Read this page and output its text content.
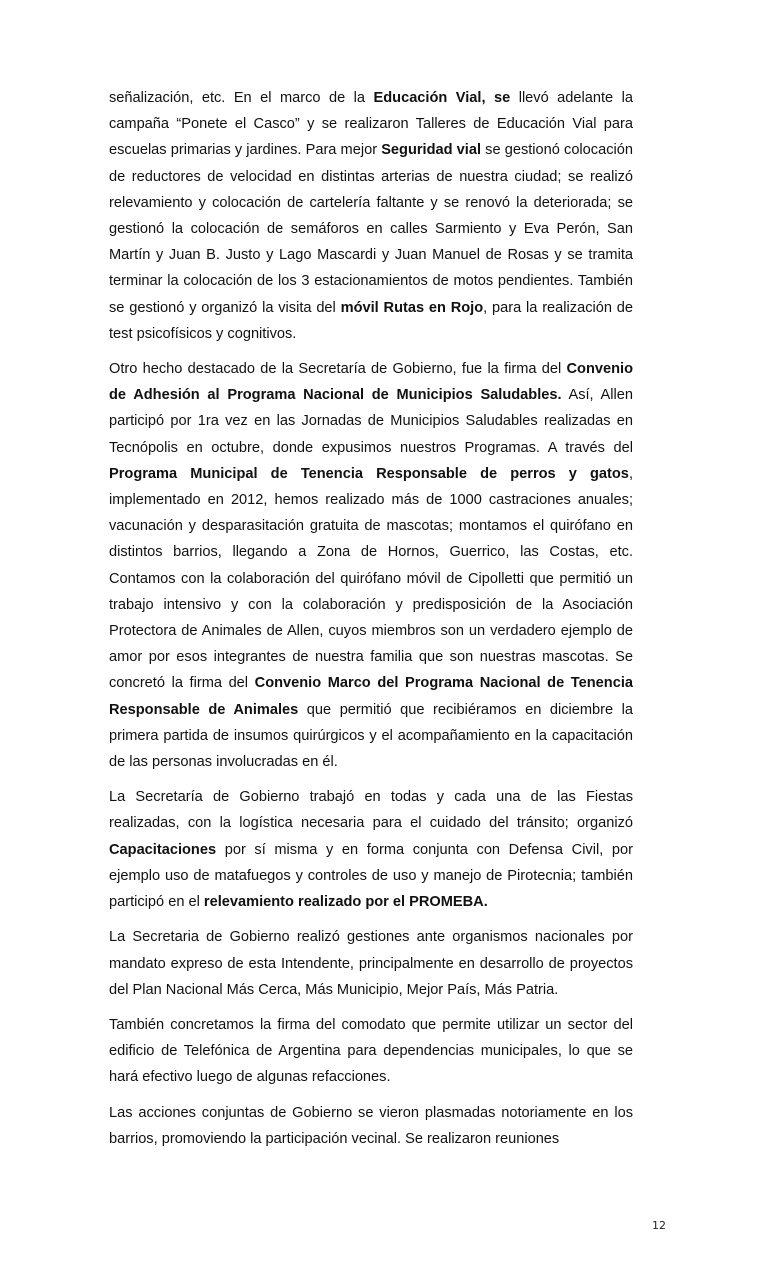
señalización, etc. En el marco de la Educación Vial, se llevó adelante la campaña “Ponete el Casco” y se realizaron Talleres de Educación Vial para escuelas primarias y jardines. Para mejor Seguridad vial se gestionó colocación de reductores de velocidad en distintas arterias de nuestra ciudad; se realizó relevamiento y colocación de cartelería faltante y se renovó la deteriorada; se gestionó la colocación de semáforos en calles Sarmiento y Eva Perón, San Martín y Juan B. Justo y Lago Mascardi y Juan Manuel de Rosas y se tramita terminar la colocación de los 3 estacionamientos de motos pendientes. También se gestionó y organizó la visita del móvil Rutas en Rojo, para la realización de test psicofísicos y cognitivos.

Otro hecho destacado de la Secretaría de Gobierno, fue la firma del Convenio de Adhesión al Programa Nacional de Municipios Saludables. Así, Allen participó por 1ra vez en las Jornadas de Municipios Saludables realizadas en Tecnópolis en octubre, donde expusimos nuestros Programas. A través del Programa Municipal de Tenencia Responsable de perros y gatos, implementado en 2012, hemos realizado más de 1000 castraciones anuales; vacunación y desparasitación gratuita de mascotas; montamos el quirófano en distintos barrios, llegando a Zona de Hornos, Guerrico, las Costas, etc. Contamos con la colaboración del quirófano móvil de Cipolletti que permitió un trabajo intensivo y con la colaboración y predisposición de la Asociación Protectora de Animales de Allen, cuyos miembros son un verdadero ejemplo de amor por esos integrantes de nuestra familia que son nuestras mascotas. Se concretó la firma del Convenio Marco del Programa Nacional de Tenencia Responsable de Animales que permitió que recibiéramos en diciembre la primera partida de insumos quirúrgicos y el acompañamiento en la capacitación de las personas involucradas en él.

La Secretaría de Gobierno trabajó en todas y cada una de las Fiestas realizadas, con la logística necesaria para el cuidado del tránsito; organizó Capacitaciones por sí misma y en forma conjunta con Defensa Civil, por ejemplo uso de matafuegos y controles de uso y manejo de Pirotecnia; también participó en el relevamiento realizado por el PROMEBA.

La Secretaria de Gobierno realizó gestiones ante organismos nacionales por mandato expreso de esta Intendente, principalmente en desarrollo de proyectos del Plan Nacional Más Cerca, Más Municipio, Mejor País, Más Patria.

También concretamos la firma del comodato que permite utilizar un sector del edificio de Telefónica de Argentina para dependencias municipales, lo que se hará efectivo luego de algunas refacciones.

Las acciones conjuntas de Gobierno se vieron plasmadas notoriamente en los barrios, promoviendo la participación vecinal. Se realizaron reuniones

12
